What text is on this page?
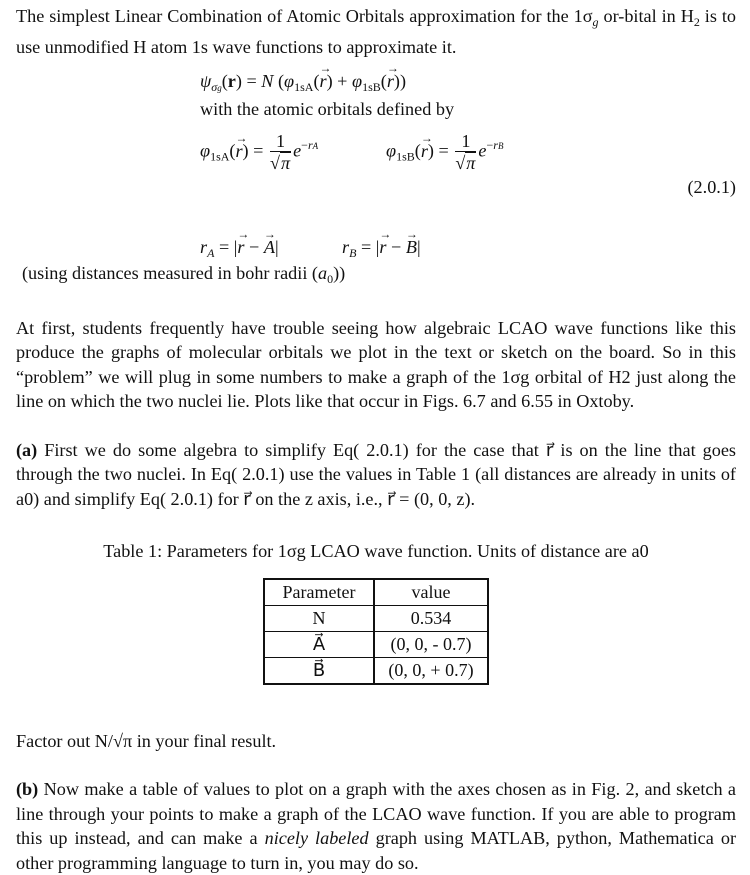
The simplest Linear Combination of Atomic Orbitals approximation for the $1\sigma_g$ or-bital in $H_2$ is to use unmodified H atom 1s wave functions to approximate it.

$\psi_{\sigma g}(r) = N$ $(\varphi_{1sA}(\to r) + \varphi_{1sB}(\to r))$
with the atomic orbitals defined by
$\varphi_{1sA}(\to r) = \frac{1}{√\pi} e^{-rA}$	$\varphi_{1sB}(\to r) = \frac{1}{√\pi} e^{-rB}$
(2.0.1)
$r_A$ = |→ r − → A|	$r_B$ = |→ r − → B|

(using distances measured in bohr radii $(a_0)$)

At first, students frequently have trouble seeing how algebraic LCAO wave functions like this produce the graphs of molecular orbitals we plot in the text or sketch on the board. So in this “problem” we will plug in some numbers to make a graph of the 1σg orbital of H2 just along the line on which the two nuclei lie. Plots like that occur in Figs. 6.7 and 6.55 in Oxtoby.

(a) First we do some algebra to simplify Eq( 2.0.1) for the case that r⃗ is on the line that goes through the two nuclei. In Eq( 2.0.1) use the values in Table 1 (all distances are already in units of a0) and simplify Eq( 2.0.1) for r⃗ on the z axis, i.e., r⃗ = (0, 0, z).

Table 1: Parameters for 1σg LCAO wave function. Units of distance are a0

Parameter	value
N	0.534
A⃗	(0, 0, - 0.7)
B⃗	(0, 0, + 0.7)

Factor out N/√π in your final result.

(b) Now make a table of values to plot on a graph with the axes chosen as in Fig. 2, and sketch a line through your points to make a graph of the LCAO wave function. If you are able to program this up instead, and can make a nicely labeled graph using MATLAB, python, Mathematica or other programming language to turn in, you may do so.
